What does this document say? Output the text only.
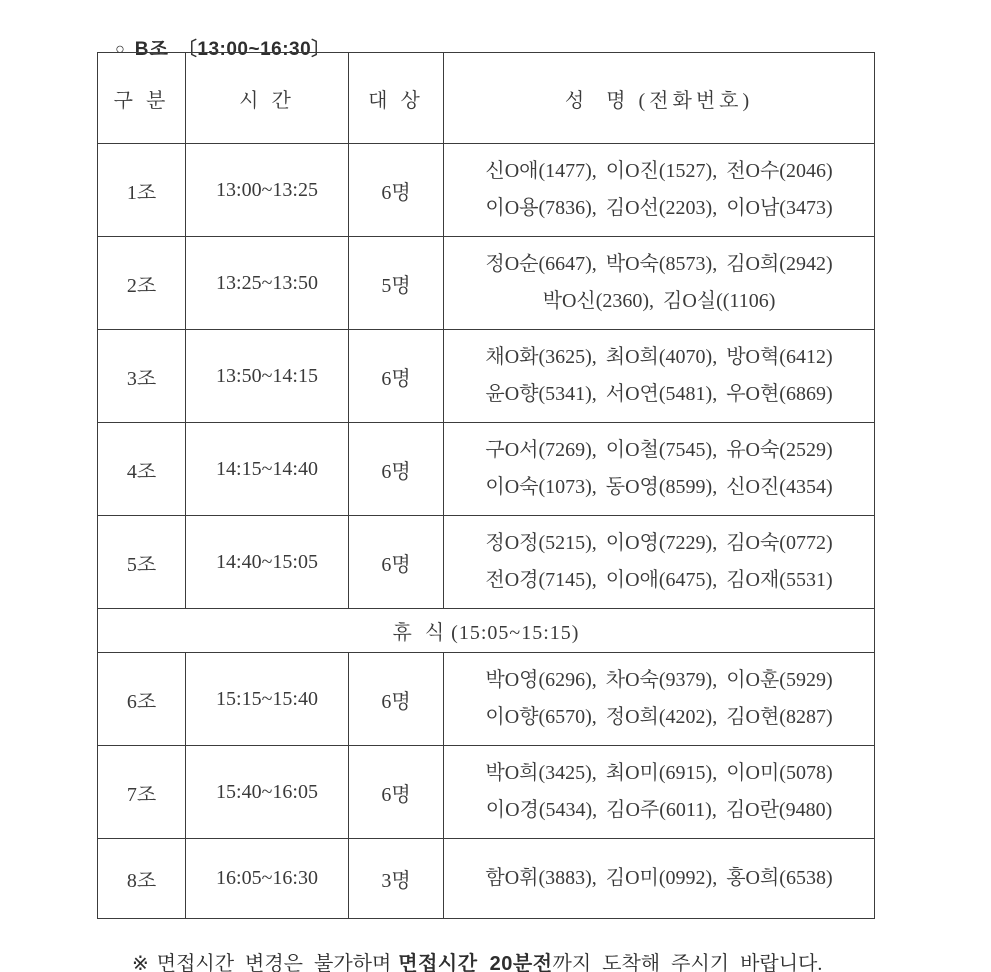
○ B조 〔13:00~16:30〕

구 분	시 간	대 상	성  명 (전화번호)
1조	13:00~13:25	6명	신O애(1477), 이O진(1527), 전O수(2046)
이O용(7836), 김O선(2203), 이O남(3473)

2조	13:25~13:50	5명	정O순(6647), 박O숙(8573), 김O희(2942)
박O신(2360), 김O실((1106)

3조	13:50~14:15	6명	채O화(3625), 최O희(4070), 방O혁(6412)
윤O향(5341), 서O연(5481), 우O현(6869)

4조	14:15~14:40	6명	구O서(7269), 이O철(7545), 유O숙(2529)
이O숙(1073), 동O영(8599), 신O진(4354)

5조	14:40~15:05	6명	정O정(5215), 이O영(7229), 김O숙(0772)
전O경(7145), 이O애(6475), 김O재(5531)

휴  식 (15:05~15:15)			
6조	15:15~15:40	6명	박O영(6296), 차O숙(9379), 이O훈(5929)
이O향(6570), 정O희(4202), 김O현(8287)

7조	15:40~16:05	6명	박O희(3425), 최O미(6915), 이O미(5078)
이O경(5434), 김O주(6011), 김O란(9480)

8조	16:05~16:30	3명	함O휘(3883), 김O미(0992), 홍O희(6538)

※ 면접시간 변경은 불가하며 면접시간 20분전까지 도착해 주시기 바랍니다.
